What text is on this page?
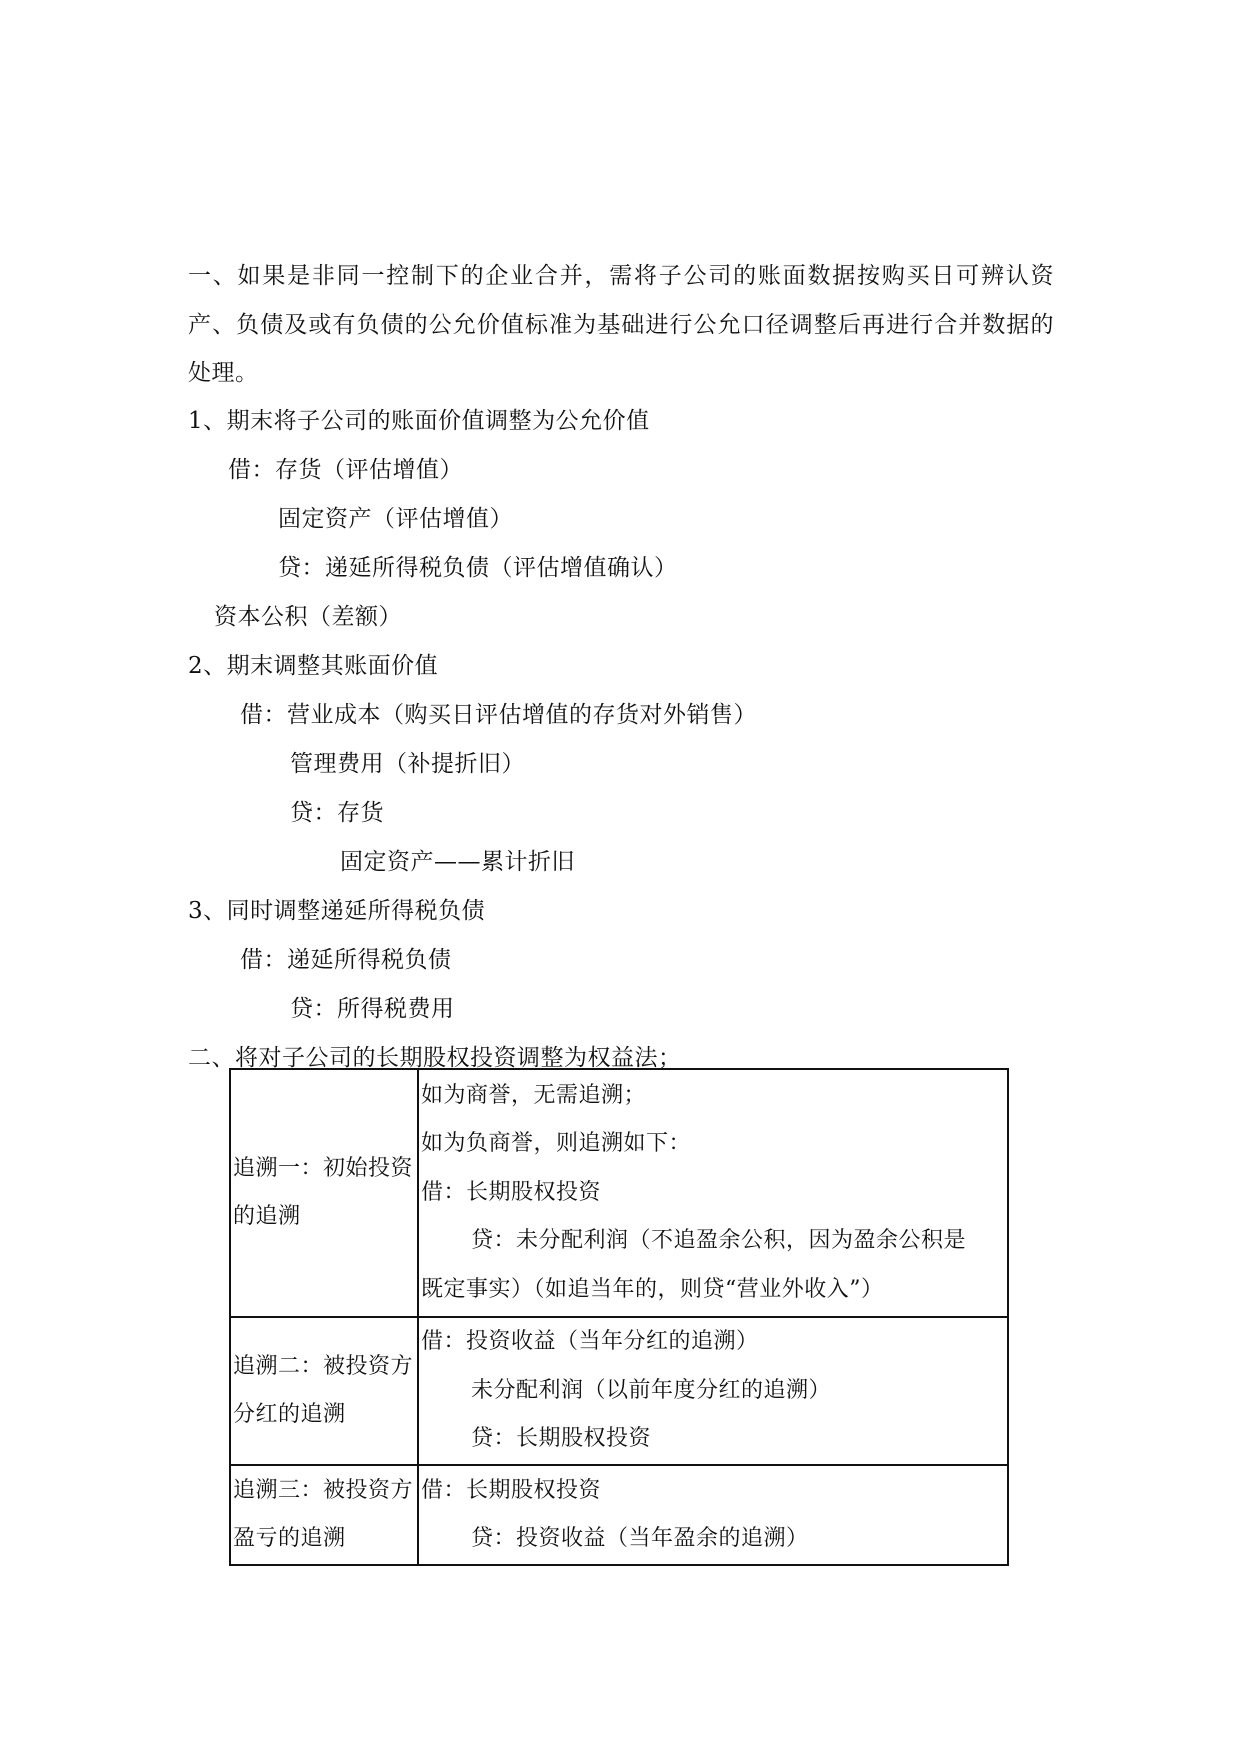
一、如果是非同一控制下的企业合并，需将子公司的账面数据按购买日可辨认资产、负债及或有负债的公允价值标准为基础进行公允口径调整后再进行合并数据的处理。
1、期末将子公司的账面价值调整为公允价值
借：存货（评估增值）
固定资产（评估增值）
贷：递延所得税负债（评估增值确认）
资本公积（差额）
2、期末调整其账面价值
借：营业成本（购买日评估增值的存货对外销售）
管理费用（补提折旧）
贷：存货
固定资产——累计折旧
3、同时调整递延所得税负债
借：递延所得税负债
贷：所得税费用
二、将对子公司的长期股权投资调整为权益法；
追溯一：初始投资的追溯	如为商誉，无需追溯；
如为负商誉，则追溯如下：
借：长期股权投资
贷：未分配利润（不追盈余公积，因为盈余公积是
既定事实）（如追当年的，则贷“营业外收入”）

追溯二：被投资方分红的追溯	借：投资收益（当年分红的追溯）
未分配利润（以前年度分红的追溯）
贷：长期股权投资

追溯三：被投资方盈亏的追溯	借：长期股权投资
贷：投资收益（当年盈余的追溯）
